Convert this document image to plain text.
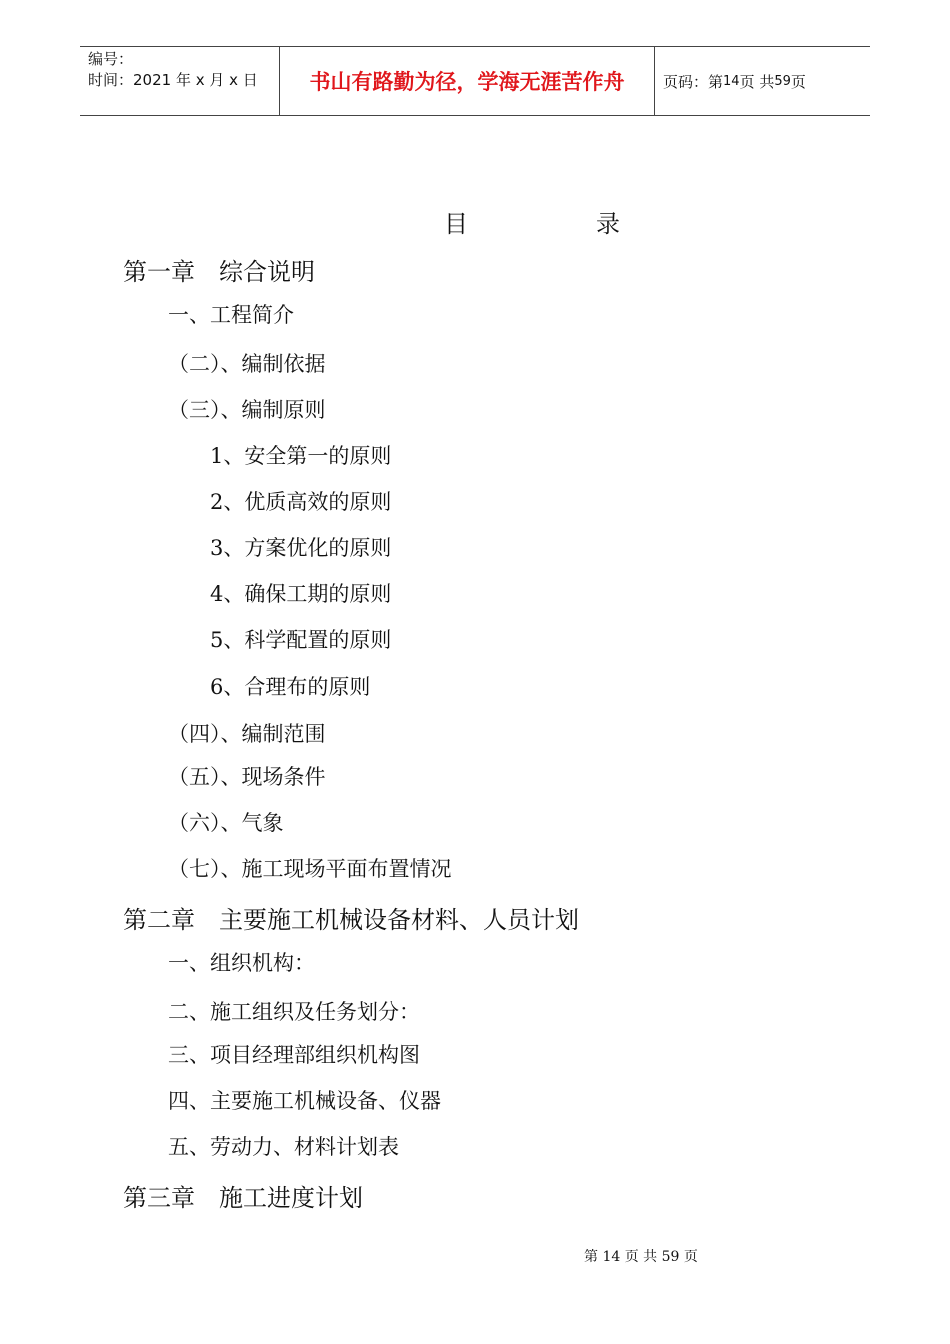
编号：
时间：2021 年 x 月 x 日	书山有路勤为径，学海无涯苦作舟	页码：第 14 页 共 59 页
目	录
第一章　综合说明
一、工程简介
（二）、编制依据
（三）、编制原则
1、安全第一的原则
2、优质高效的原则
3、方案优化的原则
4、确保工期的原则
5、科学配置的原则
6、合理布的原则
（四）、编制范围
（五）、现场条件
（六）、气象
（七）、施工现场平面布置情况
第二章　主要施工机械设备材料、人员计划
一、组织机构：
二、施工组织及任务划分：
三、项目经理部组织机构图
四、主要施工机械设备、仪器
五、劳动力、材料计划表
第三章　施工进度计划
第 14 页 共 59 页
